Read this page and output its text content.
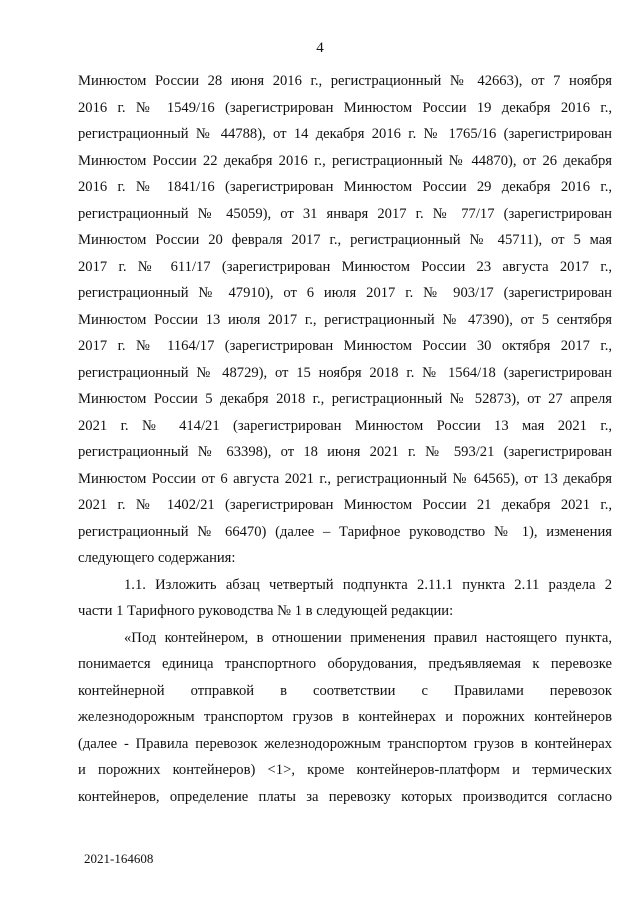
4
Минюстом России 28 июня 2016 г., регистрационный № 42663), от 7 ноября
2016 г. № 1549/16 (зарегистрирован Минюстом России 19 декабря 2016 г.,
регистрационный № 44788), от 14 декабря 2016 г. № 1765/16 (зарегистрирован
Минюстом России 22 декабря 2016 г., регистрационный № 44870), от 26 декабря
2016 г. № 1841/16 (зарегистрирован Минюстом России 29 декабря 2016 г.,
регистрационный № 45059), от 31 января 2017 г. № 77/17 (зарегистрирован
Минюстом России 20 февраля 2017 г., регистрационный № 45711), от 5 мая
2017 г. № 611/17 (зарегистрирован Минюстом России 23 августа 2017 г.,
регистрационный № 47910), от 6 июля 2017 г. № 903/17 (зарегистрирован
Минюстом России 13 июля 2017 г., регистрационный № 47390), от 5 сентября
2017 г. № 1164/17 (зарегистрирован Минюстом России 30 октября 2017 г.,
регистрационный № 48729), от 15 ноября 2018 г. № 1564/18 (зарегистрирован
Минюстом России 5 декабря 2018 г., регистрационный № 52873), от 27 апреля
2021 г. № 414/21 (зарегистрирован Минюстом России 13 мая 2021 г.,
регистрационный № 63398), от 18 июня 2021 г. № 593/21 (зарегистрирован
Минюстом России от 6 августа 2021 г., регистрационный № 64565), от 13 декабря
2021 г. № 1402/21 (зарегистрирован Минюстом России 21 декабря 2021 г.,
регистрационный № 66470) (далее – Тарифное руководство № 1), изменения
следующего содержания:
1.1. Изложить абзац четвертый подпункта 2.11.1 пункта 2.11 раздела 2
части 1 Тарифного руководства № 1 в следующей редакции:
«Под контейнером, в отношении применения правил настоящего пункта,
понимается единица транспортного оборудования, предъявляемая к перевозке
контейнерной отправкой в соответствии с Правилами перевозок
железнодорожным транспортом грузов в контейнерах и порожних контейнеров
(далее - Правила перевозок железнодорожным транспортом грузов в контейнерах
и порожних контейнеров) <1>, кроме контейнеров-платформ и термических
контейнеров, определение платы за перевозку которых производится согласно
2021-164608
